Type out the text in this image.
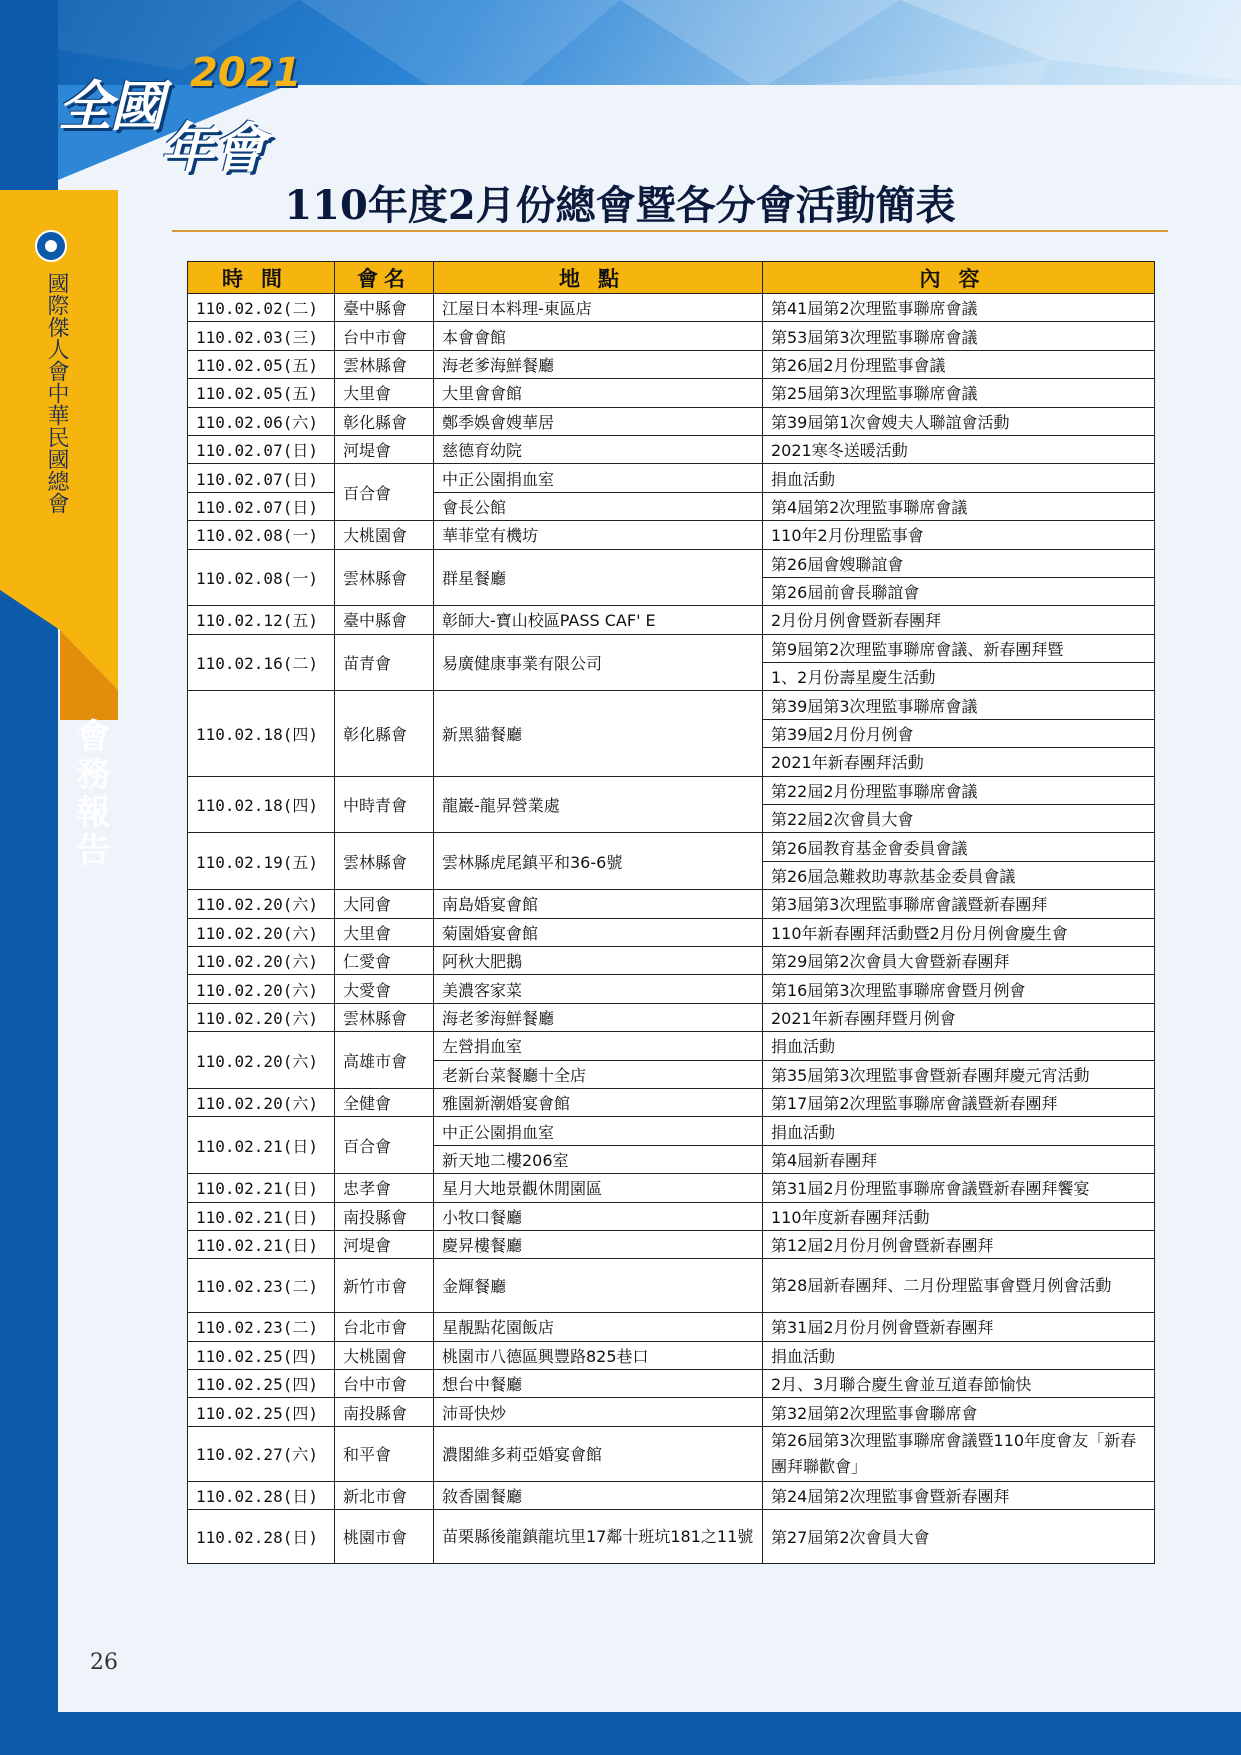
全國
年會
2021
國際傑人會中華民國總會
會務報告
110年度2月份總會暨各分會活動簡表
時間	會名	地點	內容
110.02.02(二)	臺中縣會	江屋日本料理-東區店	第41屆第2次理監事聯席會議
110.02.03(三)	台中市會	本會會館	第53屆第3次理監事聯席會議
110.02.05(五)	雲林縣會	海老爹海鮮餐廳	第26屆2月份理監事會議
110.02.05(五)	大里會	大里會會館	第25屆第3次理監事聯席會議
110.02.06(六)	彰化縣會	鄭季娛會嫂華居	第39屆第1次會嫂夫人聯誼會活動
110.02.07(日)	河堤會	慈德育幼院	2021寒冬送暖活動
110.02.07(日)	百合會	中正公園捐血室	捐血活動
110.02.07(日)		會長公館	第4屆第2次理監事聯席會議
110.02.08(一)	大桃園會	華菲堂有機坊	110年2月份理監事會
110.02.08(一)	雲林縣會	群星餐廳	第26屆會嫂聯誼會
			第26屆前會長聯誼會
110.02.12(五)	臺中縣會	彰師大-寶山校區PASS CAF' E	2月份月例會暨新春團拜
110.02.16(二)	苗青會	易廣健康事業有限公司	第9屆第2次理監事聯席會議、新春團拜暨
			1、2月份壽星慶生活動
110.02.18(四)	彰化縣會	新黑貓餐廳	第39屆第3次理監事聯席會議
			第39屆2月份月例會
			2021年新春團拜活動
110.02.18(四)	中時青會	龍巖-龍昇營業處	第22屆2月份理監事聯席會議
			第22屆2次會員大會
110.02.19(五)	雲林縣會	雲林縣虎尾鎮平和36-6號	第26屆教育基金會委員會議
			第26屆急難救助專款基金委員會議
110.02.20(六)	大同會	南島婚宴會館	第3屆第3次理監事聯席會議暨新春團拜
110.02.20(六)	大里會	菊園婚宴會館	110年新春團拜活動暨2月份月例會慶生會
110.02.20(六)	仁愛會	阿秋大肥鵝	第29屆第2次會員大會暨新春團拜
110.02.20(六)	大愛會	美濃客家菜	第16屆第3次理監事聯席會暨月例會
110.02.20(六)	雲林縣會	海老爹海鮮餐廳	2021年新春團拜暨月例會
110.02.20(六)	高雄市會	左營捐血室	捐血活動
		老新台菜餐廳十全店	第35屆第3次理監事會暨新春團拜慶元宵活動
110.02.20(六)	全健會	雅園新潮婚宴會館	第17屆第2次理監事聯席會議暨新春團拜
110.02.21(日)	百合會	中正公園捐血室	捐血活動
		新天地二樓206室	第4屆新春團拜
110.02.21(日)	忠孝會	星月大地景觀休閒園區	第31屆2月份理監事聯席會議暨新春團拜饗宴
110.02.21(日)	南投縣會	小牧口餐廳	110年度新春團拜活動
110.02.21(日)	河堤會	慶昇樓餐廳	第12屆2月份月例會暨新春團拜
110.02.23(二)	新竹市會	金輝餐廳	第28屆新春團拜、二月份理監事會暨月例會活動
110.02.23(二)	台北市會	星靚點花園飯店	第31屆2月份月例會暨新春團拜
110.02.25(四)	大桃園會	桃園市八德區興豐路825巷口	捐血活動
110.02.25(四)	台中市會	想台中餐廳	2月、3月聯合慶生會並互道春節愉快
110.02.25(四)	南投縣會	沛哥快炒	第32屆第2次理監事會聯席會
110.02.27(六)	和平會	濃閣維多莉亞婚宴會館	第26屆第3次理監事聯席會議暨110年度會友「新春團拜聯歡會」
110.02.28(日)	新北市會	敘香園餐廳	第24屆第2次理監事會暨新春團拜
110.02.28(日)	桃園市會	苗栗縣後龍鎮龍坑里17鄰十班坑181之11號	第27屆第2次會員大會
26
